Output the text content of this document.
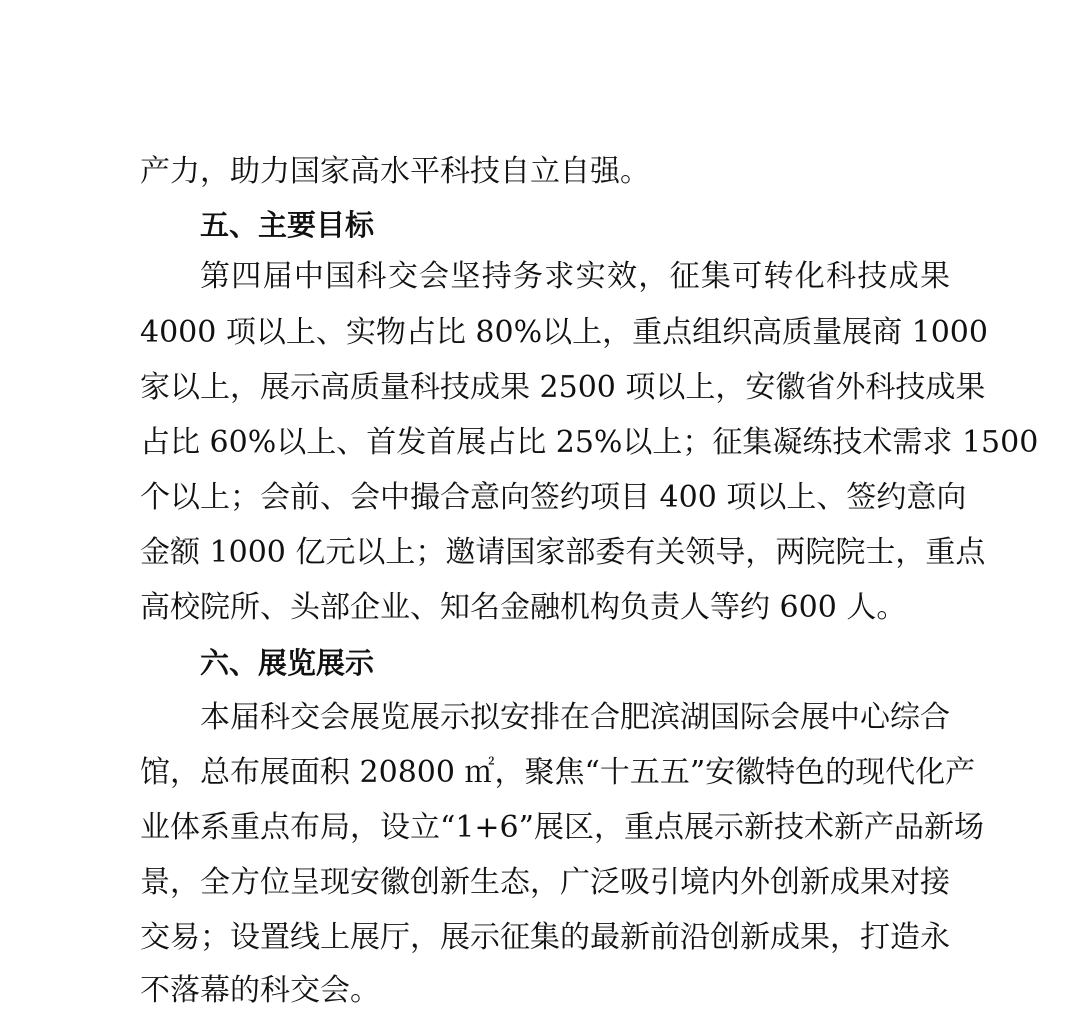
产力，助力国家高水平科技自立自强。
五、主要目标
第四届中国科交会坚持务求实效，征集可转化科技成果
4000 项以上、实物占比 80%以上，重点组织高质量展商 1000
家以上，展示高质量科技成果 2500 项以上，安徽省外科技成果
占比 60%以上、首发首展占比 25%以上；征集凝练技术需求 1500
个以上；会前、会中撮合意向签约项目 400 项以上、签约意向
金额 1000 亿元以上；邀请国家部委有关领导，两院院士，重点
高校院所、头部企业、知名金融机构负责人等约 600 人。
六、展览展示
本届科交会展览展示拟安排在合肥滨湖国际会展中心综合
馆，总布展面积 20800 ㎡，聚焦“十五五”安徽特色的现代化产
业体系重点布局，设立“1+6”展区，重点展示新技术新产品新场
景，全方位呈现安徽创新生态，广泛吸引境内外创新成果对接
交易；设置线上展厅，展示征集的最新前沿创新成果，打造永
不落幕的科交会。
